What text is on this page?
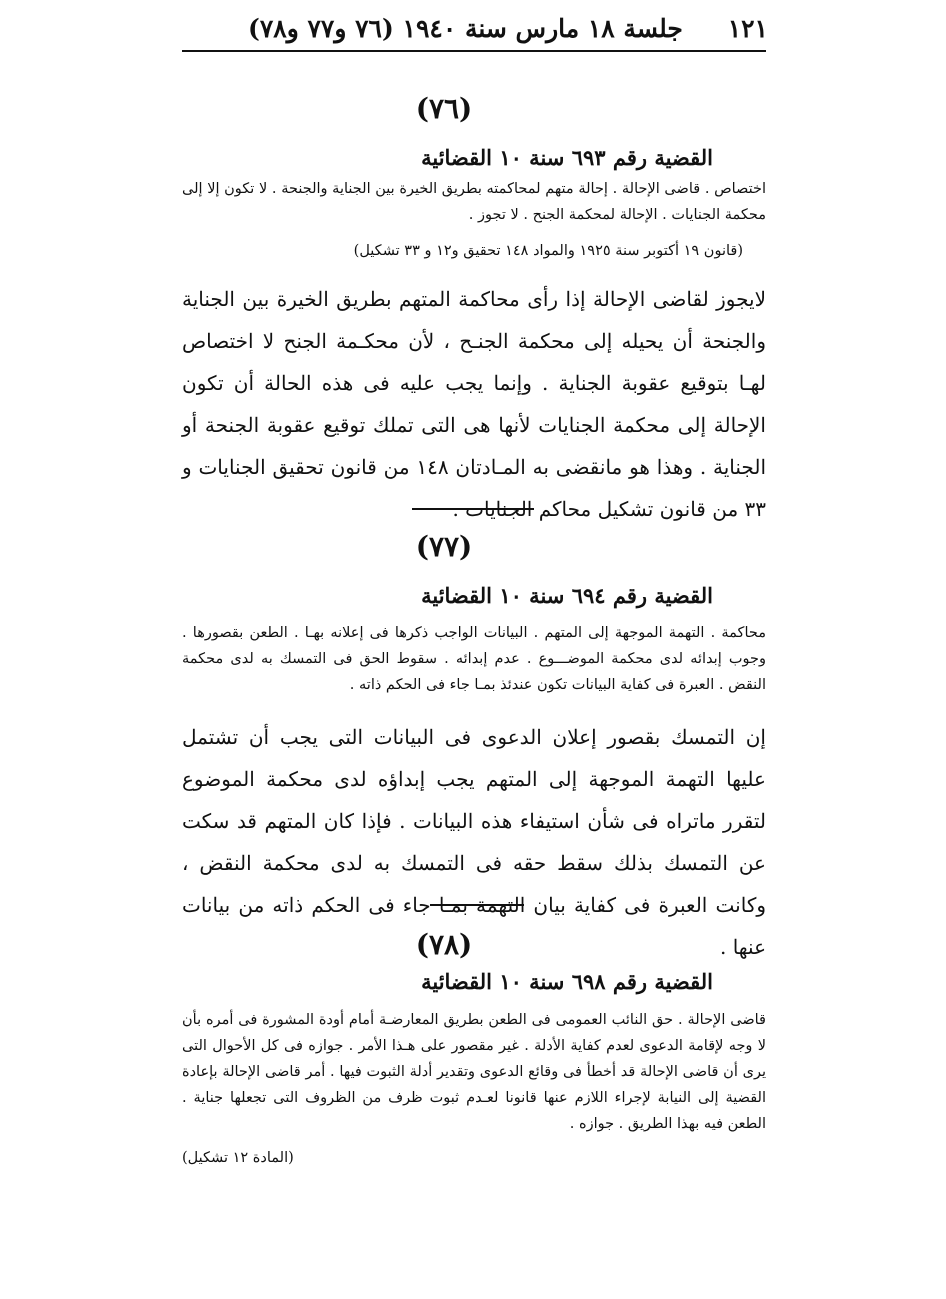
١٢١
جلسة ١٨ مارس سنة ١٩٤٠ (٧٦ و٧٧ و٧٨)
(٧٦)
القضية رقم ٦٩٣ سنة ١٠ القضائية
اختصاص . قاضى الإحالة . إحالة متهم لمحاكمته بطريق الخيرة بين الجناية والجنحة . لا تكون إلا إلى محكمة الجنايات . الإحالة لمحكمة الجنح . لا تجوز .
(قانون ١٩ أكتوبر سنة ١٩٢٥ والمواد ١٤٨ تحقيق و١٢ و ٣٣ تشكيل)
لايجوز لقاضى الإحالة إذا رأى محاكمة المتهم بطريق الخيرة بين الجناية والجنحة أن يحيله إلى محكمة الجنـح ، لأن محكـمة الجنح لا اختصاص لهـا بتوقيع عقوبة الجناية . وإنما يجب عليه فى هذه الحالة أن تكون الإحالة إلى محكمة الجنايات لأنها هى التى تملك توقيع عقوبة الجنحة أو الجناية . وهذا هو مانقضى به المـادتان ١٤٨ من قانون تحقيق الجنايات و ٣٣ من قانون تشكيل محاكم الجنايات .
(٧٧)
القضية رقم ٦٩٤ سنة ١٠ القضائية
محاكمة . التهمة الموجهة إلى المتهم . البيانات الواجب ذكرها فى إعلانه بهـا . الطعن بقصورها . وجوب إبدائه لدى محكمة الموضـــوع . عدم إبدائه . سقوط الحق فى التمسك به لدى محكمة النقض . العبرة فى كفاية البيانات تكون عندئذ بمـا جاء فى الحكم ذاته .
إن التمسك بقصور إعلان الدعوى فى البيانات التى يجب أن تشتمل عليها التهمة الموجهة إلى المتهم يجب إبداؤه لدى محكمة الموضوع لتقرر ماتراه فى شأن استيفاء هذه البيانات . فإذا كان المتهم قد سكت عن التمسك بذلك سقط حقه فى التمسك به لدى محكمة النقض ، وكانت العبرة فى كفاية بيان التهمة بمـا جاء فى الحكم ذاته من بيانات عنها .
(٧٨)
القضية رقم ٦٩٨ سنة ١٠ القضائية
قاضى الإحالة . حق النائب العمومى فى الطعن بطريق المعارضـة أمام أودة المشورة فى أمره بأن لا وجه لإقامة الدعوى لعدم كفاية الأدلة . غير مقصور على هـذا الأمر . جوازه فى كل الأحوال التى يرى أن قاضى الإحالة قد أخطأ فى وقائع الدعوى وتقدير أدلة الثبوت فيها . أمر قاضى الإحالة بإعادة القضية إلى النيابة لإجراء اللازم عنها قانونا لعـدم ثبوت ظرف من الظروف التى تجعلها جناية . الطعن فيه بهذا الطريق . جوازه .
(المادة ١٢ تشكيل)
